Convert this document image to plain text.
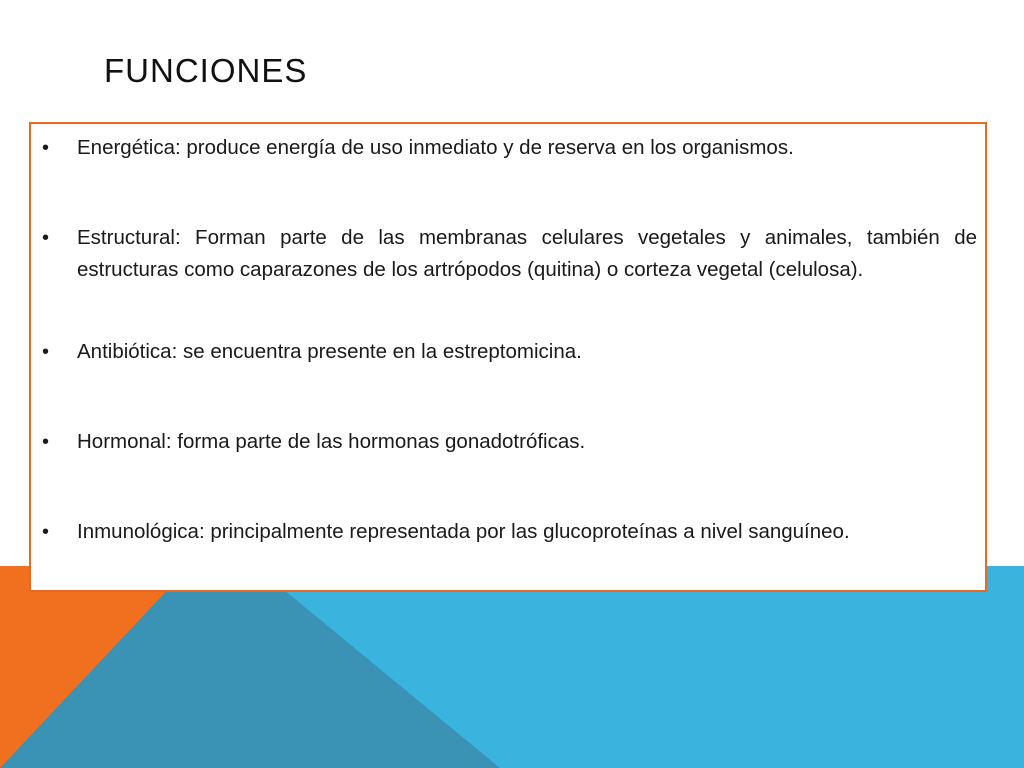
FUNCIONES
• Energética: produce energía de uso inmediato y de reserva en los organismos.
• Estructural: Forman parte de las membranas celulares vegetales y animales, también de estructuras como caparazones de los artrópodos (quitina) o corteza vegetal (celulosa).
• Antibiótica: se encuentra presente en la estreptomicina.
• Hormonal: forma parte de las hormonas gonadotróficas.
• Inmunológica: principalmente representada por las glucoproteínas a nivel sanguíneo.
